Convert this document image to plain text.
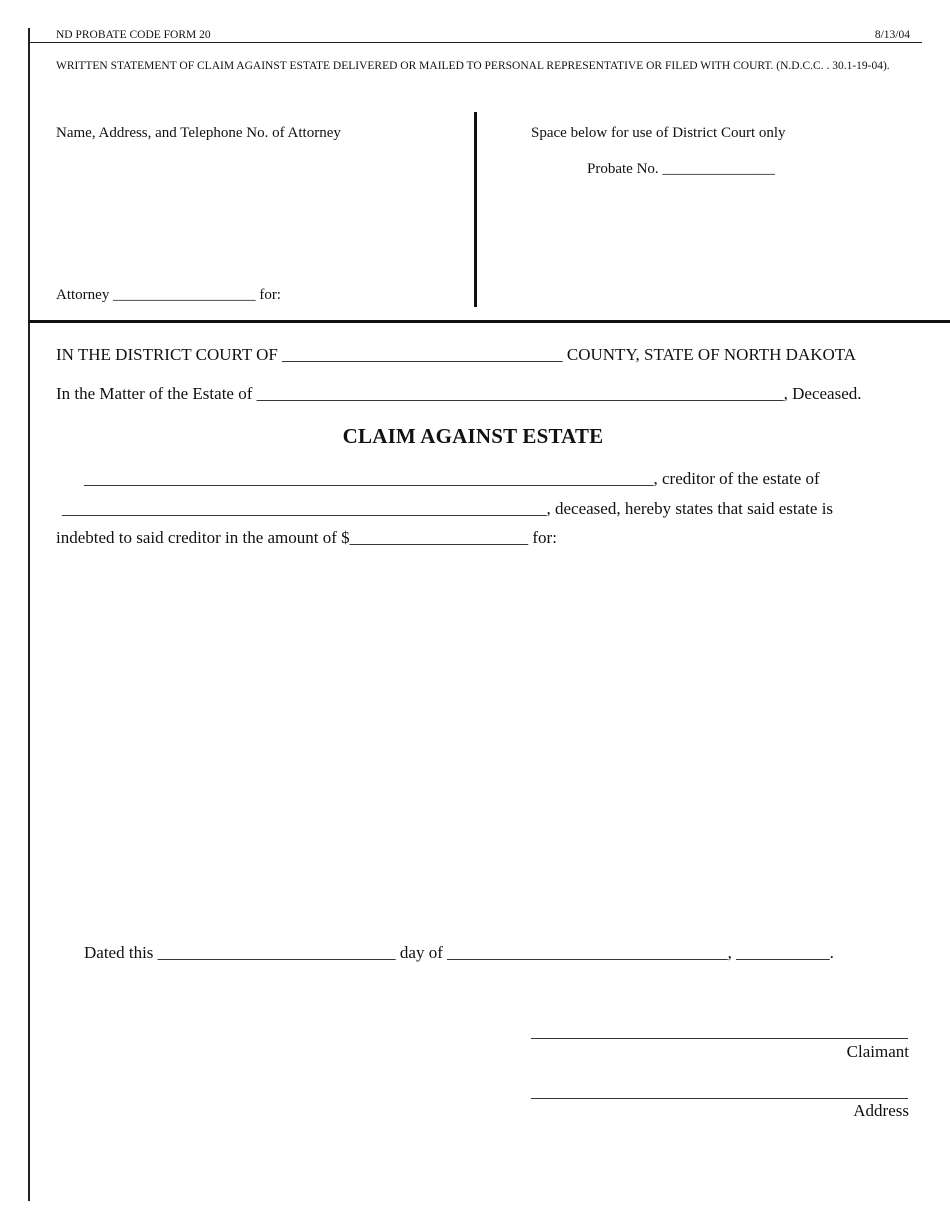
ND PROBATE CODE FORM 20	8/13/04
WRITTEN STATEMENT OF CLAIM AGAINST ESTATE DELIVERED OR MAILED TO PERSONAL REPRESENTATIVE OR FILED WITH COURT. (N.D.C.C. . 30.1-19-04).
Name, Address, and Telephone No. of Attorney
Attorney ___________________ for:
Space below for use of District Court only
Probate No. _______________
IN THE DISTRICT COURT OF _________________________________ COUNTY, STATE OF NORTH DAKOTA
In the Matter of the Estate of ______________________________________________________________, Deceased.
CLAIM AGAINST ESTATE
___________________________________________________________________, creditor of the estate of
_________________________________________________________, deceased, hereby states that said estate is
indebted to said creditor in the amount of $_____________________ for:
Dated this ____________________________ day of _________________________________, ___________.
Claimant
Address
